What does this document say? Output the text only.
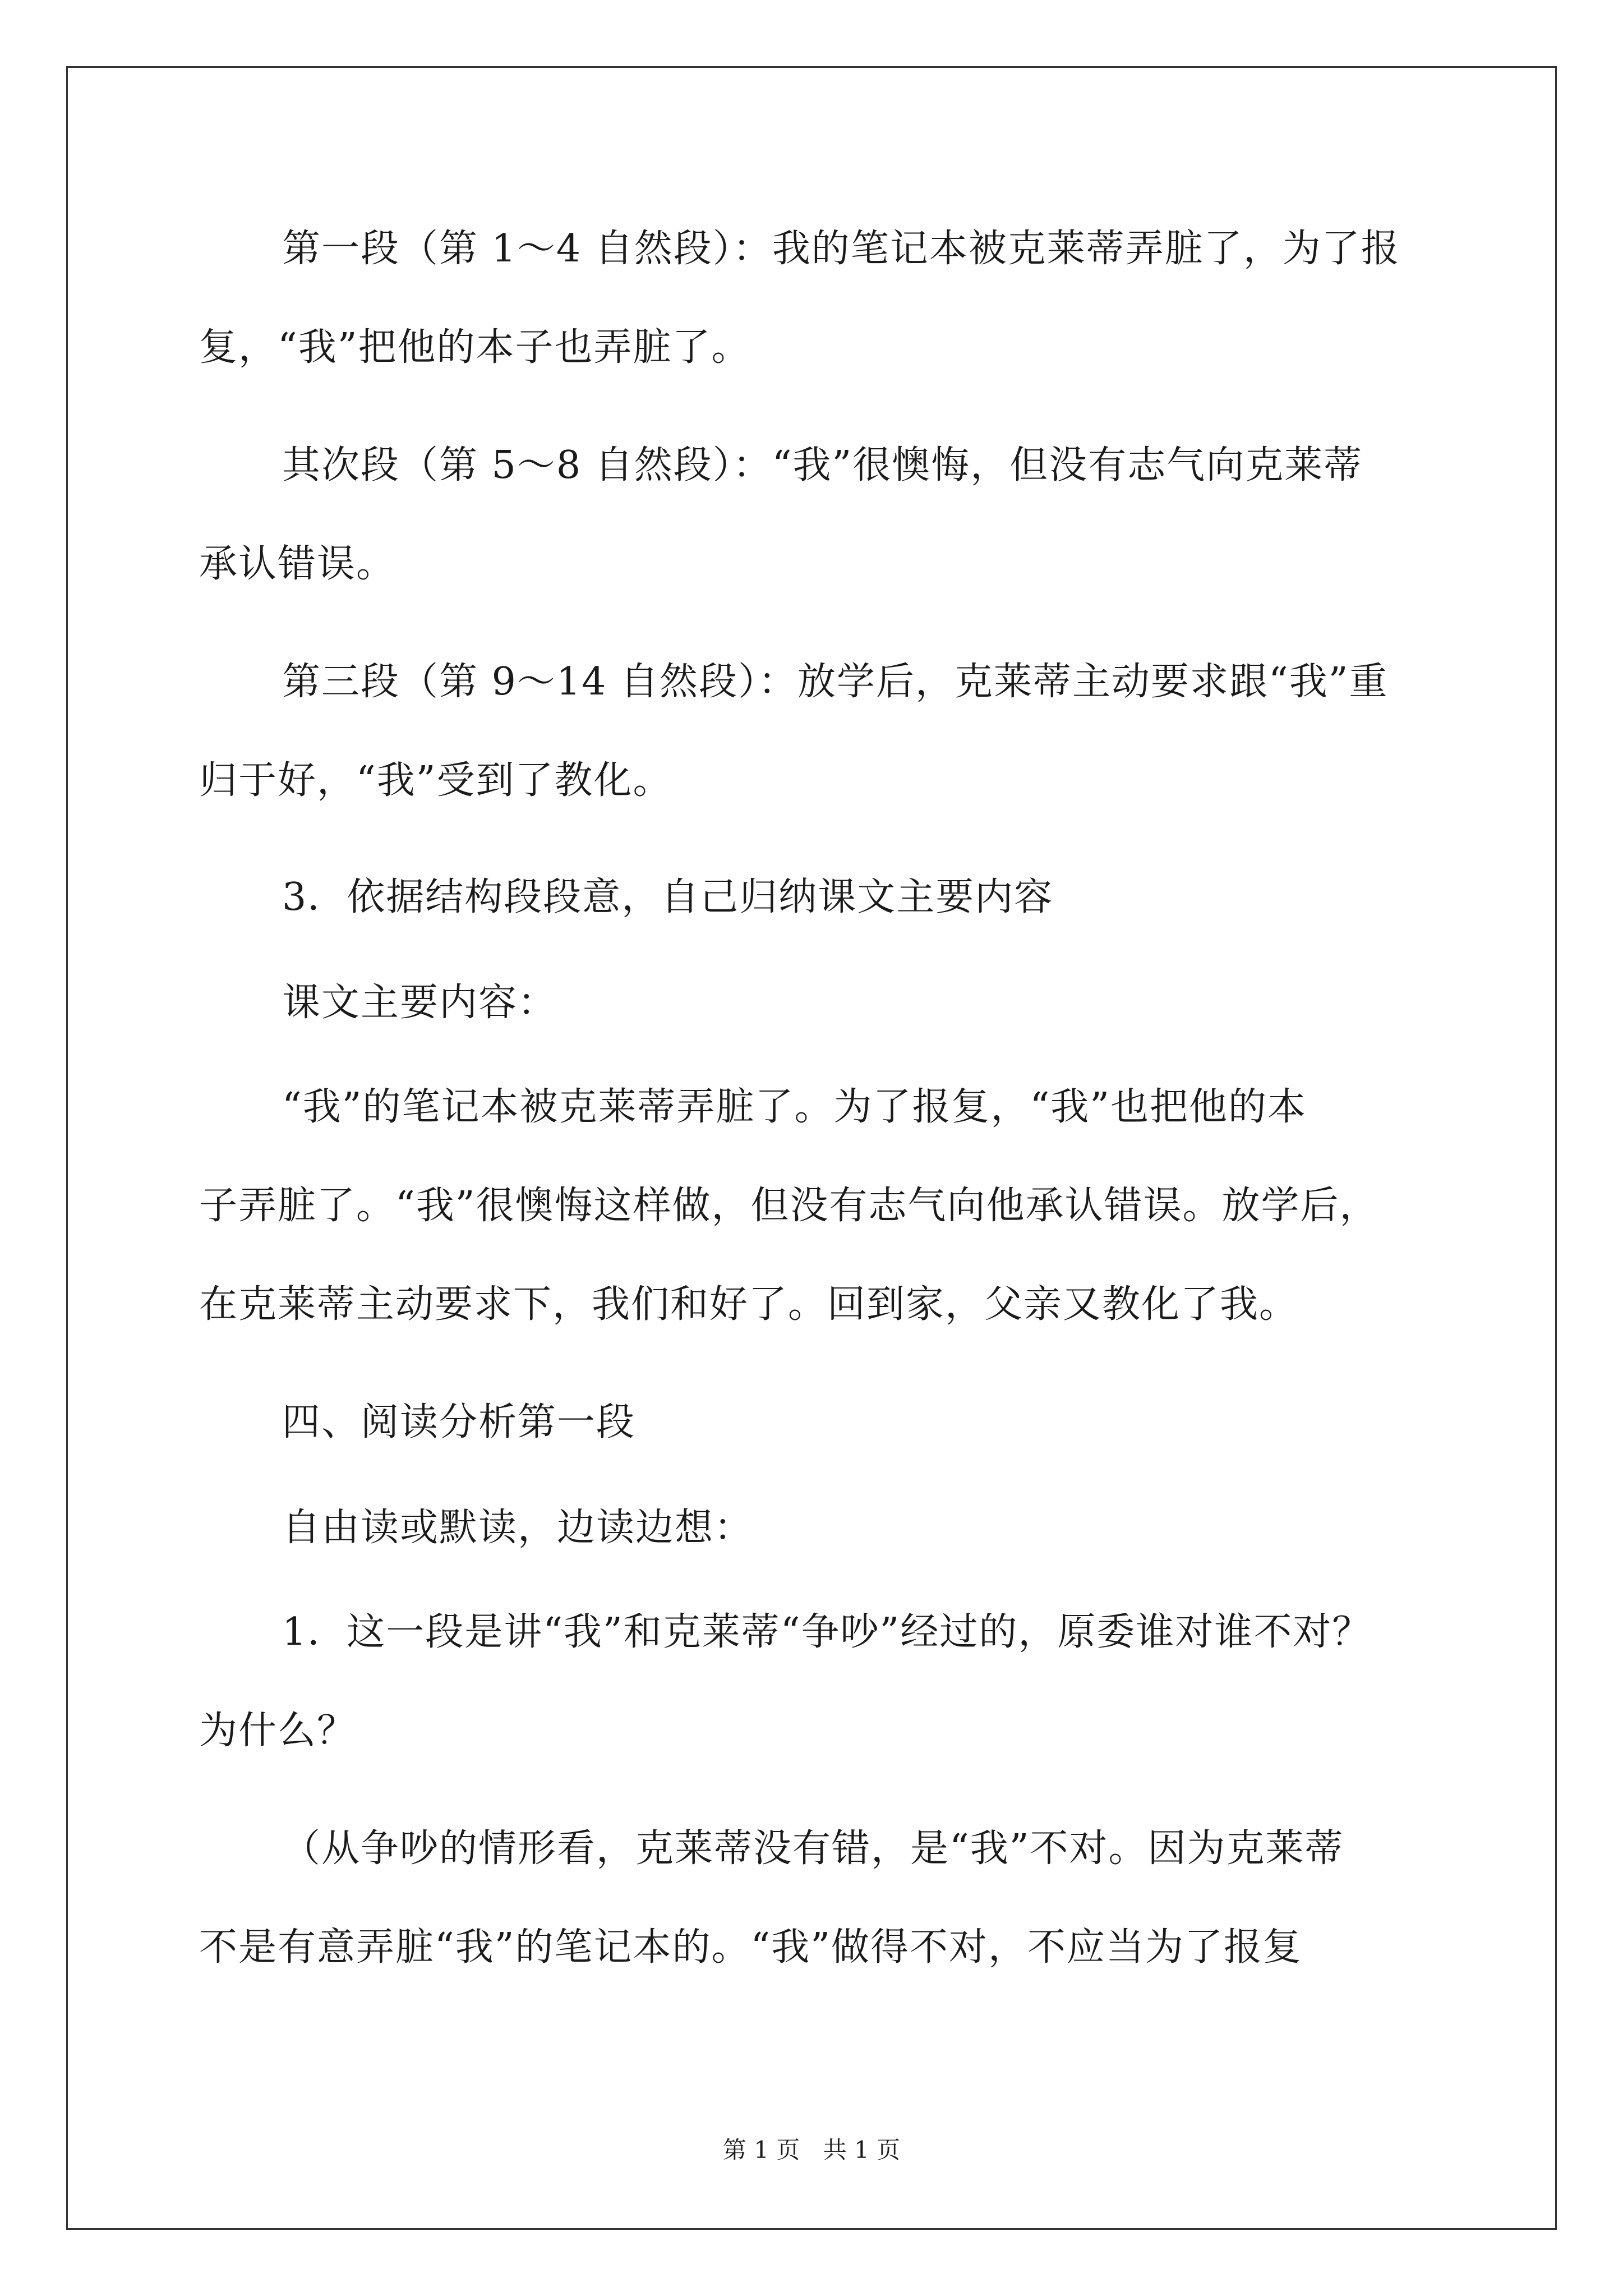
第一段（第 1～4 自然段）：我的笔记本被克莱蒂弄脏了，为了报
复，“我”把他的本子也弄脏了。
其次段（第 5～8 自然段）：“我”很懊悔，但没有志气向克莱蒂
承认错误。
第三段（第 9～14 自然段）：放学后，克莱蒂主动要求跟“我”重
归于好，“我”受到了教化。
3．依据结构段段意，自己归纳课文主要内容
课文主要内容：
“我”的笔记本被克莱蒂弄脏了。为了报复，“我”也把他的本
子弄脏了。“我”很懊悔这样做，但没有志气向他承认错误。放学后，
在克莱蒂主动要求下，我们和好了。回到家，父亲又教化了我。
四、阅读分析第一段
自由读或默读，边读边想：
1．这一段是讲“我”和克莱蒂“争吵”经过的，原委谁对谁不对？
为什么？
（从争吵的情形看，克莱蒂没有错，是“我”不对。因为克莱蒂
不是有意弄脏“我”的笔记本的。“我”做得不对，不应当为了报复
第 1 页 共 1 页
